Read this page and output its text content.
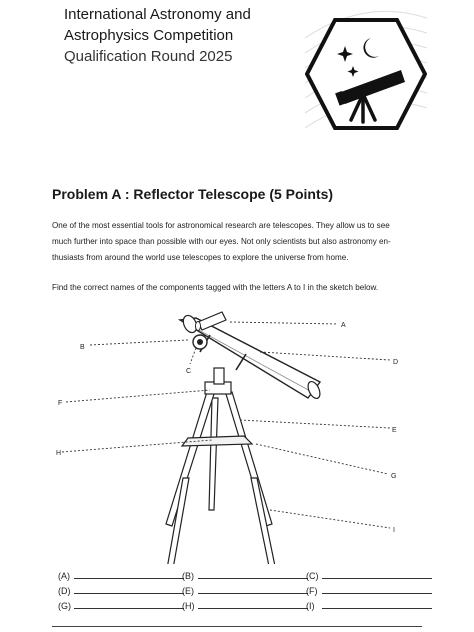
International Astronomy and
Astrophysics Competition
Qualification Round 2025
Problem A : Reflector Telescope (5 Points)
One of the most essential tools for astronomical research are telescopes. They allow us to see
much further into space than possible with our eyes. Not only scientists but also astronomy en-
thusiasts from around the world use telescopes to explore the universe from home.
Find the correct names of the components tagged with the letters A to I in the sketch below.
A
B
C
D
E
F
G
H
I
(A)	(B)	(C)
(D)	(E)	(F)
(G)	(H)	(I)
